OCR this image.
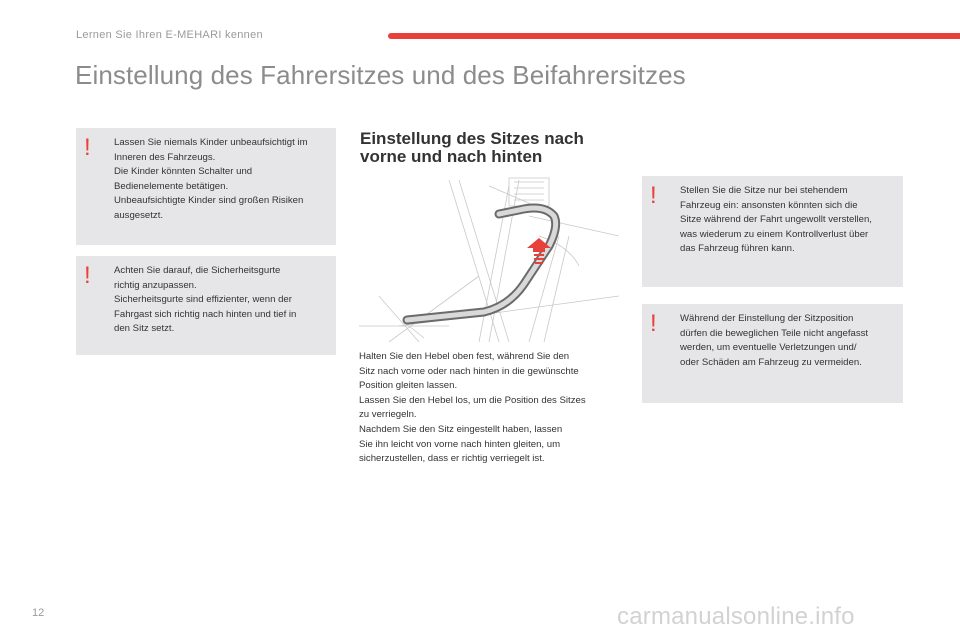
Lernen Sie Ihren E-MEHARI kennen
Einstellung des Fahrersitzes und des Beifahrersitzes
! Lassen Sie niemals Kinder unbeaufsichtigt im
Inneren des Fahrzeugs.
Die Kinder könnten Schalter und
Bedienelemente betätigen.
Unbeaufsichtigte Kinder sind großen Risiken
ausgesetzt.
! Achten Sie darauf, die Sicherheitsgurte
richtig anzupassen.
Sicherheitsgurte sind effizienter, wenn der
Fahrgast sich richtig nach hinten und tief in
den Sitz setzt.
Einstellung des Sitzes nach
vorne und nach hinten
Halten Sie den Hebel oben fest, während Sie den
Sitz nach vorne oder nach hinten in die gewünschte
Position gleiten lassen.
Lassen Sie den Hebel los, um die Position des Sitzes
zu verriegeln.
Nachdem Sie den Sitz eingestellt haben, lassen
Sie ihn leicht von vorne nach hinten gleiten, um
sicherzustellen, dass er richtig verriegelt ist.
! Stellen Sie die Sitze nur bei stehendem
Fahrzeug ein: ansonsten könnten sich die
Sitze während der Fahrt ungewollt verstellen,
was wiederum zu einem Kontrollverlust über
das Fahrzeug führen kann.
! Während der Einstellung der Sitzposition
dürfen die beweglichen Teile nicht angefasst
werden, um eventuelle Verletzungen und/
oder Schäden am Fahrzeug zu vermeiden.
12	carmanualsonline.info
